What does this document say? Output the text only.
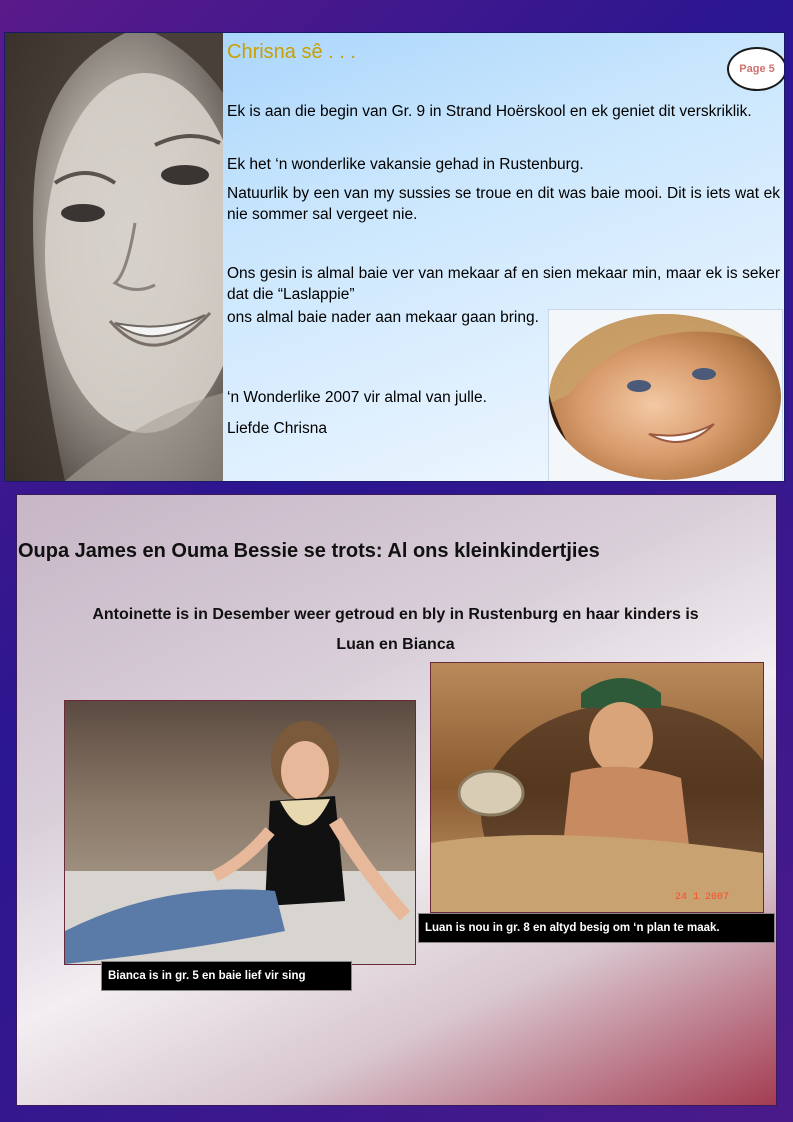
Chrisna sê . . .

Ek is aan die begin van Gr. 9 in Strand Hoërskool en ek geniet dit verskriklik.

Ek het ‘n wonderlike vakansie gehad in Rustenburg.

Natuurlik by een van my sussies se troue en dit was baie mooi. Dit is iets wat ek nie sommer sal vergeet nie.

Ons gesin is almal baie ver van mekaar af en sien mekaar min, maar ek is seker dat die “Laslappie”

ons almal baie nader aan mekaar gaan bring.

‘n Wonderlike 2007 vir almal van julle.

Liefde Chrisna

Page 5
Oupa James en Ouma Bessie se trots: Al ons kleinkindertjies
Antoinette is in Desember weer getroud en bly in Rustenburg en haar kinders is
Luan en Bianca
24 1 2007
Bianca is in gr. 5 en baie lief vir sing
Luan is nou in gr. 8 en altyd besig om ‘n plan te maak.
